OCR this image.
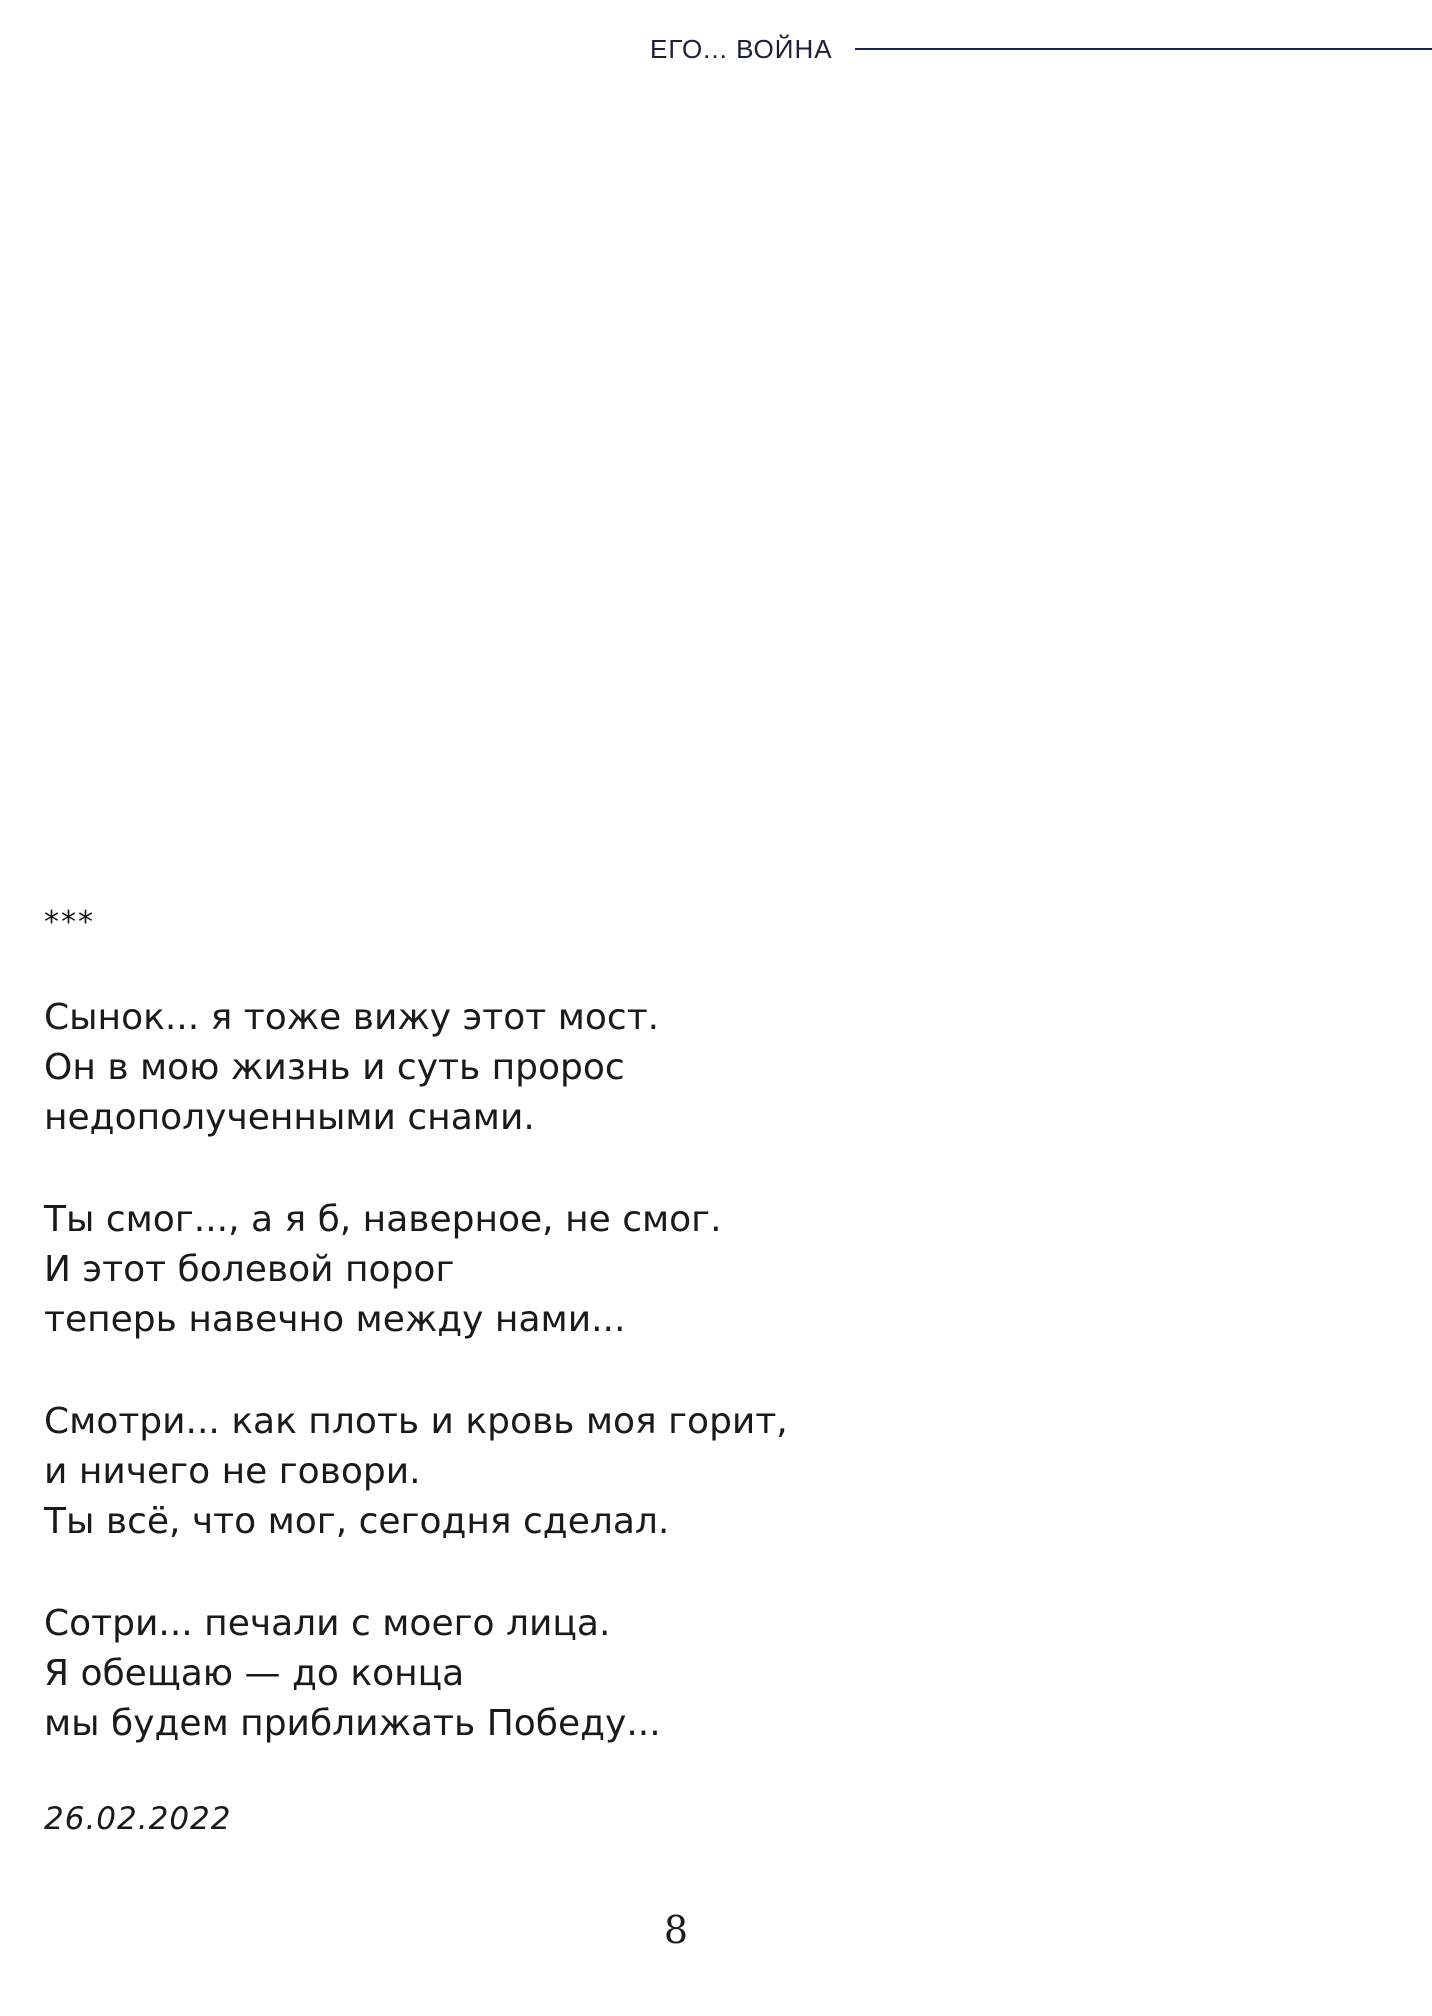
ЕГО... ВОЙНА
***
Сынок... я тоже вижу этот мост.
Он в мою жизнь и суть пророс
недополученными снами.
Ты смог..., а я б, наверное, не смог.
И этот болевой порог
теперь навечно между нами...
Смотри... как плоть и кровь моя горит,
и ничего не говори.
Ты всё, что мог, сегодня сделал.
Сотри... печали с моего лица.
Я обещаю — до конца
мы будем приближать Победу...
26.02.2022
8
